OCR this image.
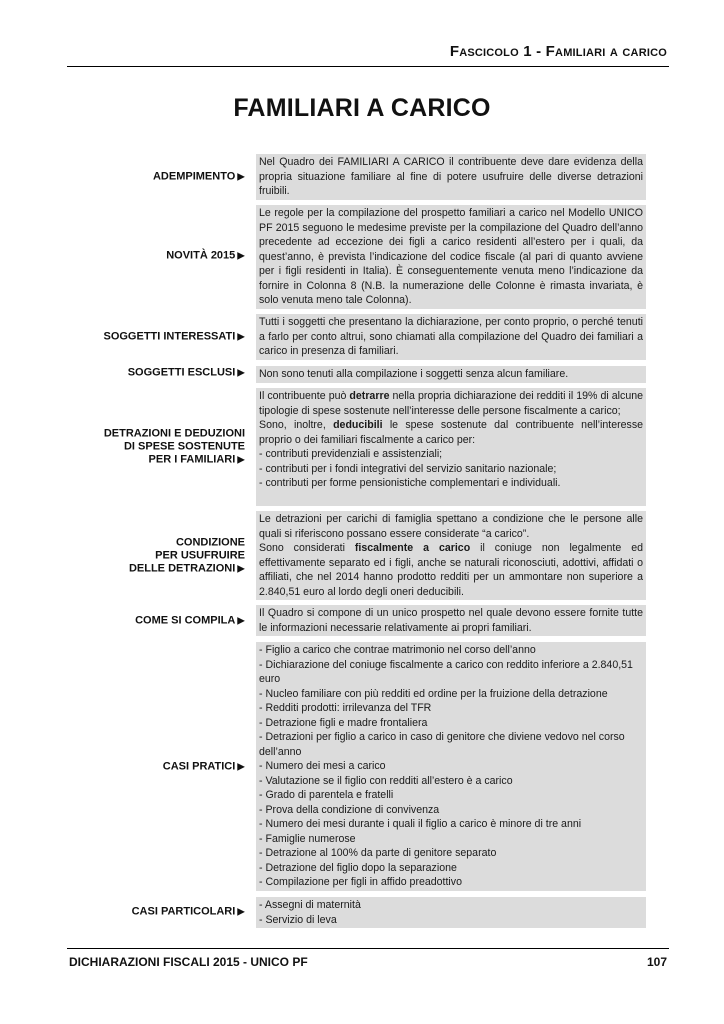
Fascicolo 1 - Familiari a carico
FAMILIARI A CARICO
ADEMPIMENTO ▶
Nel Quadro dei FAMILIARI A CARICO il contribuente deve dare evidenza della propria situazione familiare al fine di potere usufruire delle diverse detrazioni fruibili.
NOVITÀ 2015 ▶
Le regole per la compilazione del prospetto familiari a carico nel Modello UNICO PF 2015 seguono le medesime previste per la compilazione del Quadro dell’anno precedente ad eccezione dei figli a carico residenti all’estero per i quali, da quest’anno, è prevista l’indicazione del codice fiscale (al pari di quanto avviene per i figli residenti in Italia). È conseguentemente venuta meno l’indicazione da fornire in Colonna 8 (N.B. la numerazione delle Colonne è rimasta invariata, è solo venuta meno tale Colonna).
SOGGETTI INTERESSATI ▶
Tutti i soggetti che presentano la dichiarazione, per conto proprio, o perché tenuti a farlo per conto altrui, sono chiamati alla compilazione del Quadro dei familiari a carico in presenza di familiari.
SOGGETTI ESCLUSI ▶ Non sono tenuti alla compilazione i soggetti senza alcun familiare.
DETRAZIONI E DEDUZIONI
DI SPESE SOSTENUTE
PER I FAMILIARI ▶
Il contribuente può detrarre nella propria dichiarazione dei redditi il 19% di alcune tipologie di spese sostenute nell’interesse delle persone fiscalmente a carico;
Sono, inoltre, deducibili le spese sostenute dal contribuente nell’interesse proprio o dei familiari fiscalmente a carico per:
- contributi previdenziali e assistenziali;
- contributi per i fondi integrativi del servizio sanitario nazionale;
- contributi per forme pensionistiche complementari e individuali.
CONDIZIONE
PER USUFRUIRE
DELLE DETRAZIONI ▶
Le detrazioni per carichi di famiglia spettano a condizione che le persone alle quali si riferiscono possano essere considerate “a carico”.
Sono considerati fiscalmente a carico il coniuge non legalmente ed effettivamente separato ed i figli, anche se naturali riconosciuti, adottivi, affidati o affiliati, che nel 2014 hanno prodotto redditi per un ammontare non superiore a 2.840,51 euro al lordo degli oneri deducibili.
COME SI COMPILA ▶
Il Quadro si compone di un unico prospetto nel quale devono essere fornite tutte le informazioni necessarie relativamente ai propri familiari.
CASI PRATICI ▶
- Figlio a carico che contrae matrimonio nel corso dell’anno
- Dichiarazione del coniuge fiscalmente a carico con reddito inferiore a 2.840,51 euro
- Nucleo familiare con più redditi ed ordine per la fruizione della detrazione
- Redditi prodotti: irrilevanza del TFR
- Detrazione figli e madre frontaliera
- Detrazioni per figlio a carico in caso di genitore che diviene vedovo nel corso dell’anno
- Numero dei mesi a carico
- Valutazione se il figlio con redditi all’estero è a carico
- Grado di parentela e fratelli
- Prova della condizione di convivenza
- Numero dei mesi durante i quali il figlio a carico è minore di tre anni
- Famiglie numerose
- Detrazione al 100% da parte di genitore separato
- Detrazione del figlio dopo la separazione
- Compilazione per figli in affido preadottivo
CASI PARTICOLARI ▶
- Assegni di maternità
- Servizio di leva
DICHIARAZIONI FISCALI 2015 - UNICO PF	107
